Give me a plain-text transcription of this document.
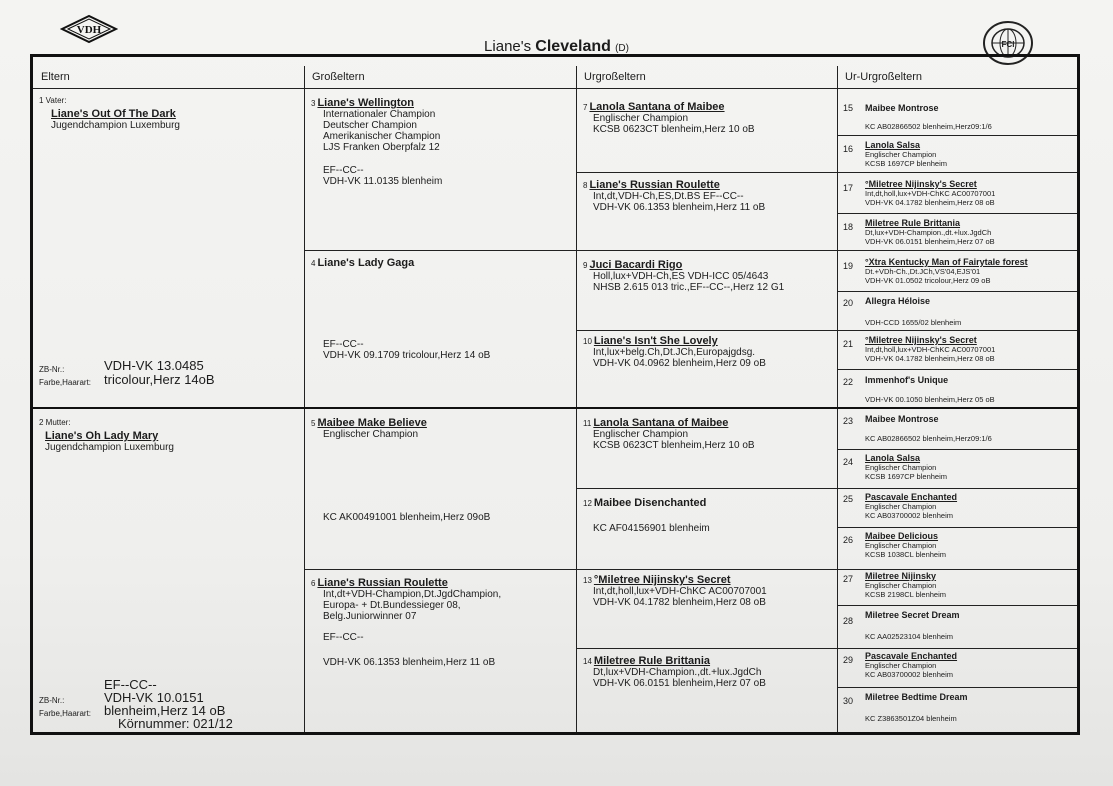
VDH
Liane's Cleveland (D)	FCI
Eltern	Großeltern	Urgroßeltern	Ur-Urgroßeltern
1 Vater:
Liane's Out Of The Dark
Jugendchampion Luxemburg
ZB-Nr.:	VDH-VK 13.0485
Farbe,Haarart: tricolour,Herz 14oB
2 Mutter:
Liane's Oh Lady Mary
Jugendchampion Luxemburg
EF--CC--
ZB-Nr.:	VDH-VK 10.0151
Farbe,Haarart: blenheim,Herz 14 oB
Körnummer: 021/12
$^3$ Liane's Wellington
Internationaler Champion
Deutscher Champion
Amerikanischer Champion
LJS Franken Oberpfalz 12
EF--CC--
VDH-VK 11.0135 blenheim
$^4$ Liane's Lady Gaga
EF--CC--
VDH-VK 09.1709 tricolour,Herz 14 oB
$^5$ Maibee Make Believe
Englischer Champion
KC AK00491001 blenheim,Herz 09oB
$^6$ Liane's Russian Roulette
Int,dt+VDH-Champion,Dt.JgdChampion,
Europa- + Dt.Bundessieger 08,
Belg.Juniorwinner 07
EF--CC--
VDH-VK 06.1353 blenheim,Herz 11 oB
$^7$ Lanola Santana of Maibee
Englischer Champion
KCSB 0623CT blenheim,Herz 10 oB
$^8$ Liane's Russian Roulette
Int,dt,VDH-Ch,ES,Dt.BS EF--CC--
VDH-VK 06.1353 blenheim,Herz 11 oB
$^9$ Juci Bacardi Rigo
Holl,lux+VDH-Ch,ES VDH-ICC 05/4643
NHSB 2.615 013 tric.,EF--CC--,Herz 12 G1
$^{10}$ Liane's Isn't She Lovely
Int,lux+belg.Ch,Dt.JCh,Europajgdsg.
VDH-VK 04.0962 blenheim,Herz 09 oB
$^{11}$ Lanola Santana of Maibee
Englischer Champion
KCSB 0623CT blenheim,Herz 10 oB
$^{12}$ Maibee Disenchanted
KC AF04156901 blenheim
$^{13}$ °Miletree Nijinsky's Secret
Int,dt,holl,lux+VDH-ChKC AC00707001
VDH-VK 04.1782 blenheim,Herz 08 oB
$^{14}$ Miletree Rule Brittania
Dt,lux+VDH-Champion.,dt.+lux.JgdCh
VDH-VK 06.0151 blenheim,Herz 07 oB
15 Maibee Montrose
KC AB02866502 blenheim,Herz09:1/6
16 Lanola Salsa
Englischer Champion
KCSB 1697CP blenheim
17 °Miletree Nijinsky's Secret
Int,dt,holl,lux+VDH-ChKC AC00707001
VDH-VK 04.1782 blenheim,Herz 08 oB
18 Miletree Rule Brittania
Dt,lux+VDH-Champion.,dt.+lux.JgdCh
VDH-VK 06.0151 blenheim,Herz 07 oB
19 °Xtra Kentucky Man of Fairytale forest
Dt.+VDh-Ch.,Dt.JCh,VS'04,EJS'01
VDH-VK 01.0502 tricolour,Herz 09 oB
20 Allegra Héloise
VDH-CCD 1655/02 blenheim
21 °Miletree Nijinsky's Secret
Int,dt,holl,lux+VDH-ChKC AC00707001
VDH-VK 04.1782 blenheim,Herz 08 oB
22 Immenhof's Unique
VDH-VK 00.1050 blenheim,Herz 05 oB
23 Maibee Montrose
KC AB02866502 blenheim,Herz09:1/6
24 Lanola Salsa
Englischer Champion
KCSB 1697CP blenheim
25 Pascavale Enchanted
Englischer Champion
KC AB03700002 blenheim
26 Maibee Delicious
Englischer Champion
KCSB 1038CL blenheim
27 Miletree Nijinsky
Englischer Champion
KCSB 2198CL blenheim
28
Miletree Secret Dream
KC AA02523104 blenheim
29 Pascavale Enchanted
Englischer Champion
KC AB03700002 blenheim
30 Miletree Bedtime Dream
KC Z3863501Z04 blenheim
